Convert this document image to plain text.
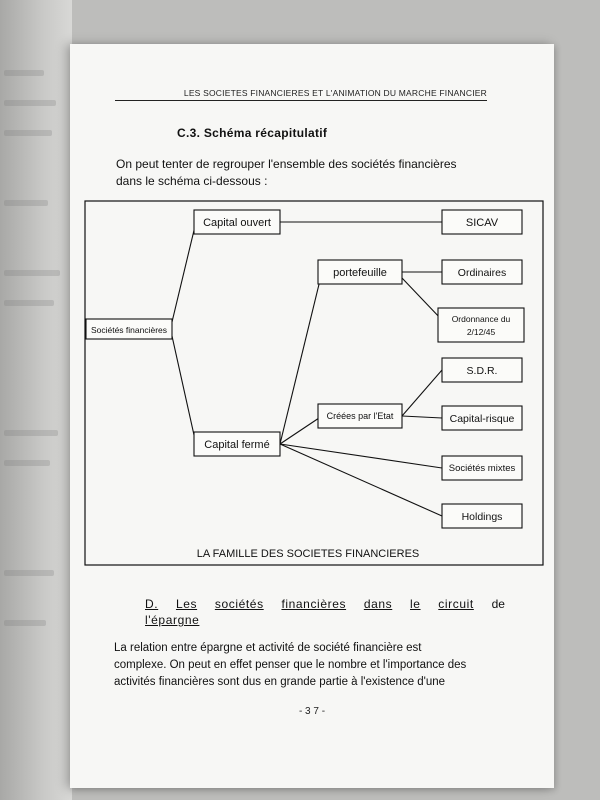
LES SOCIETES FINANCIERES ET L'ANIMATION DU MARCHE FINANCIER
C.3. Schéma récapitulatif

On peut tenter de regrouper l'ensemble des sociétés financières

dans le schéma ci-dessous :

Sociétés financières
Capital ouvert
Capital fermé
SICAV
portefeuille	Ordinaires
Ordonnance du
2/12/45
Créées par l'Etat
S.D.R.
Capital-risque
Sociétés mixtes
Holdings
LA FAMILLE DES SOCIETES FINANCIERES
D. Les sociétés financières dans le circuit de
l'épargne

La relation entre épargne et activité de société financière est

complexe. On peut en effet penser que le nombre et l'importance des

activités financières sont dus en grande partie à l'existence d'une

- 3 7 -
